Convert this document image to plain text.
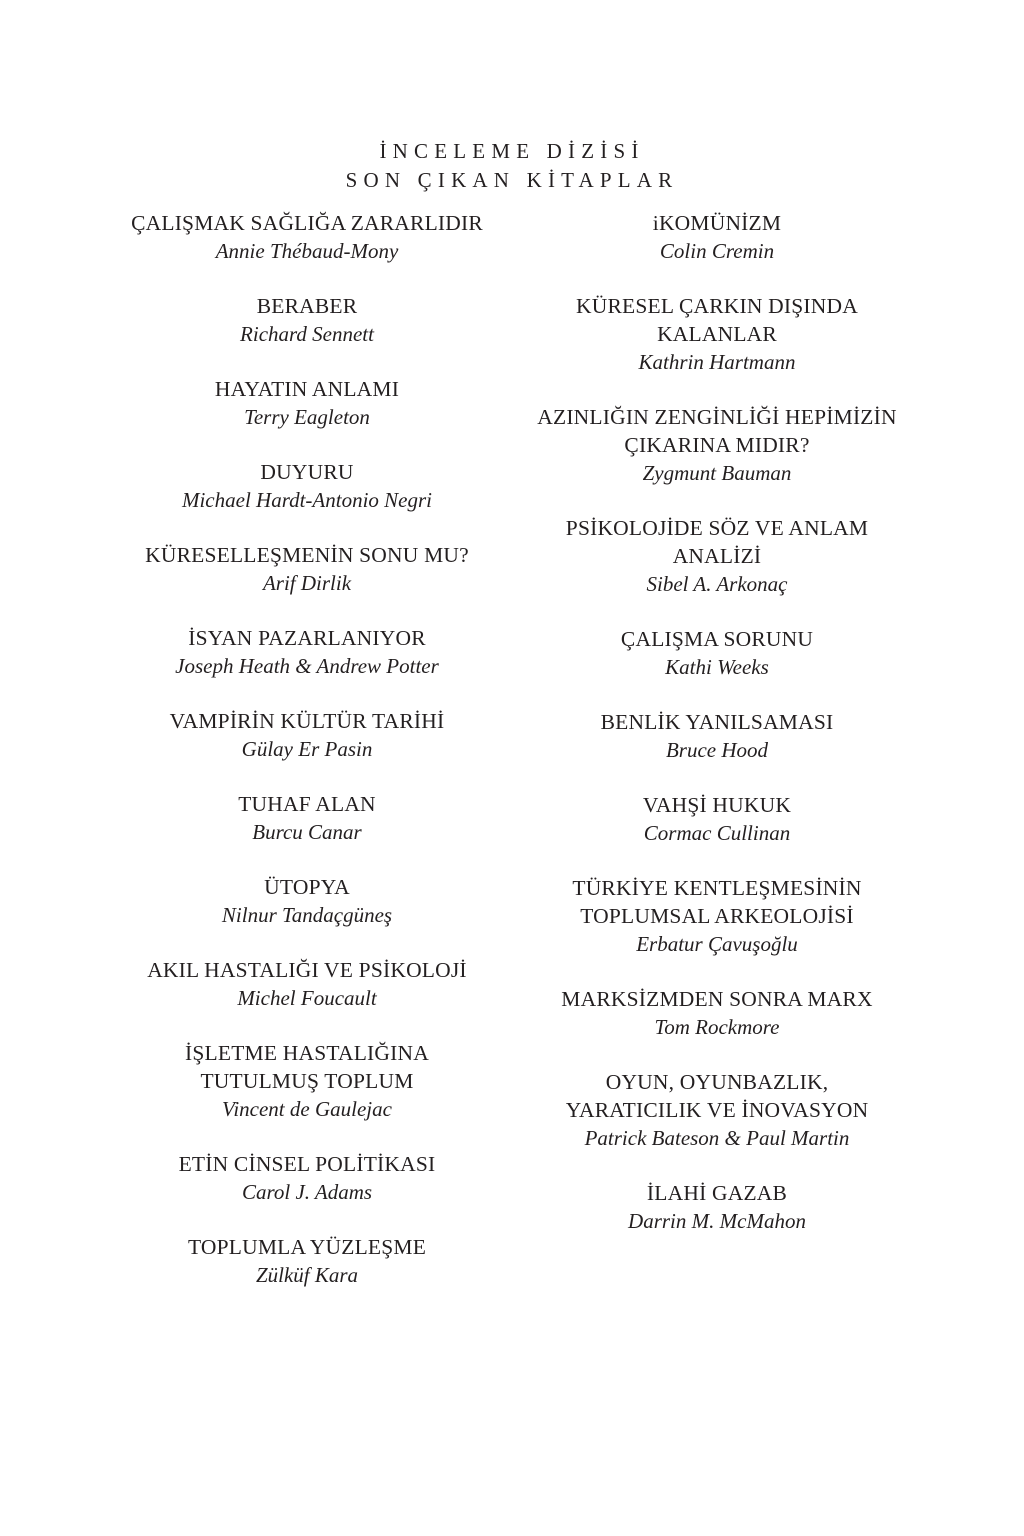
İNCELEME DİZİSİ
SON ÇIKAN KİTAPLAR
ÇALIŞMAK SAĞLIĞA ZARARLIDIR
Annie Thébaud-Mony
BERABER
Richard Sennett
HAYATIN ANLAMI
Terry Eagleton
DUYURU
Michael Hardt-Antonio Negri
KÜRESELLEŞMENİN SONU MU?
Arif Dirlik
İSYAN PAZARLANIYOR
Joseph Heath & Andrew Potter
VAMPİRİN KÜLTÜR TARİHİ
Gülay Er Pasin
TUHAF ALAN
Burcu Canar
ÜTOPYA
Nilnur Tandaçgüneş
AKIL HASTALIĞI VE PSİKOLOJİ
Michel Foucault
İŞLETME HASTALIĞINA
TUTULMUŞ TOPLUM
Vincent de Gaulejac
ETİN CİNSEL POLİTİKASI
Carol J. Adams
TOPLUMLA YÜZLEŞME
Zülküf Kara
iKOMÜNİZM
Colin Cremin
KÜRESEL ÇARKIN DIŞINDA
KALANLAR
Kathrin Hartmann
AZINLIĞIN ZENGİNLİĞİ HEPİMİZİN
ÇIKARINA MIDIR?
Zygmunt Bauman
PSİKOLOJİDE SÖZ VE ANLAM
ANALİZİ
Sibel A. Arkonaç
ÇALIŞMA SORUNU
Kathi Weeks
BENLİK YANILSAMASI
Bruce Hood
VAHŞİ HUKUK
Cormac Cullinan
TÜRKİYE KENTLEŞMESİNİN
TOPLUMSAL ARKEOLOJİSİ
Erbatur Çavuşoğlu
MARKSİZMDEN SONRA MARX
Tom Rockmore
OYUN, OYUNBAZLIK,
YARATICILIK VE İNOVASYON
Patrick Bateson & Paul Martin
İLAHİ GAZAB
Darrin M. McMahon
